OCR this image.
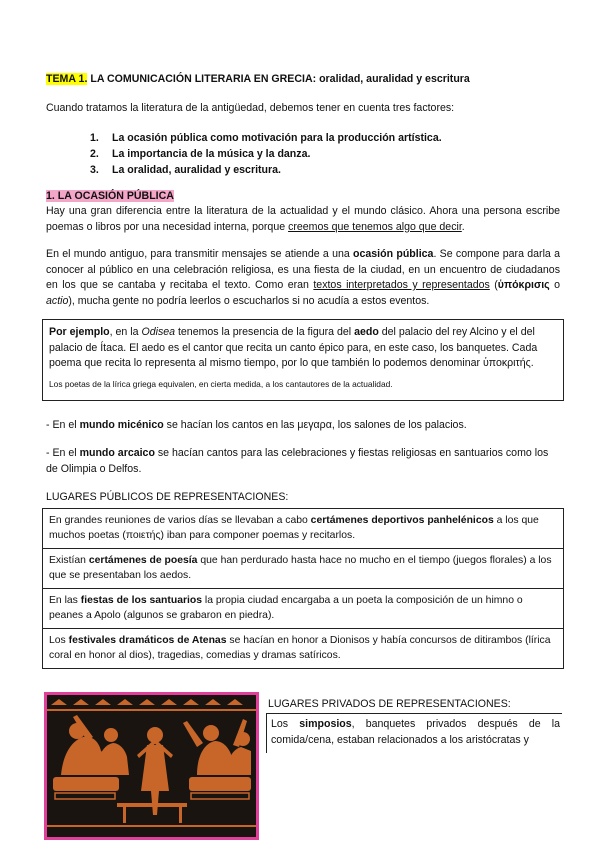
TEMA 1. LA COMUNICACIÓN LITERARIA EN GRECIA: oralidad, auralidad y escritura
Cuando tratamos la literatura de la antigüedad, debemos tener en cuenta tres factores:
1. La ocasión pública como motivación para la producción artística.
2. La importancia de la música y la danza.
3. La oralidad, auralidad y escritura.
1. LA OCASIÓN PÚBLICA
Hay una gran diferencia entre la literatura de la actualidad y el mundo clásico. Ahora una persona escribe poemas o libros por una necesidad interna, porque creemos que tenemos algo que decir.
En el mundo antiguo, para transmitir mensajes se atiende a una ocasión pública. Se compone para darla a conocer al público en una celebración religiosa, es una fiesta de la ciudad, en un encuentro de ciudadanos en los que se cantaba y recitaba el texto. Como eran textos interpretados y representados (ὑπόκρισις o actio), mucha gente no podría leerlos o escucharlos si no acudía a estos eventos.
Por ejemplo, en la Odisea tenemos la presencia de la figura del aedo del palacio del rey Alcino y el del palacio de Ítaca. El aedo es el cantor que recita un canto épico para, en este caso, los banquetes. Cada poema que recita lo representa al mismo tiempo, por lo que también lo podemos denominar ὑποκριτής.
Los poetas de la lírica griega equivalen, en cierta medida, a los cantautores de la actualidad.
- En el mundo micénico se hacían los cantos en las μεγαρα, los salones de los palacios.
- En el mundo arcaico se hacían cantos para las celebraciones y fiestas religiosas en santuarios como los de Olimpia o Delfos.
LUGARES PÚBLICOS DE REPRESENTACIONES:
En grandes reuniones de varios días se llevaban a cabo certámenes deportivos panhelénicos a los que muchos poetas (ποιετής) iban para componer poemas y recitarlos.
Existían certámenes de poesía que han perdurado hasta hace no mucho en el tiempo (juegos florales) a los que se presentaban los aedos.
En las fiestas de los santuarios la propia ciudad encargaba a un poeta la composición de un himno o peanes a Apolo (algunos se grabaron en piedra).
Los festivales dramáticos de Atenas se hacían en honor a Dionisos y había concursos de ditirambos (lírica coral en honor al dios), tragedias, comedias y dramas satíricos.
LUGARES PRIVADOS DE REPRESENTACIONES:
Los simposios, banquetes privados después de la comida/cena, estaban relacionados a los aristócratas y
